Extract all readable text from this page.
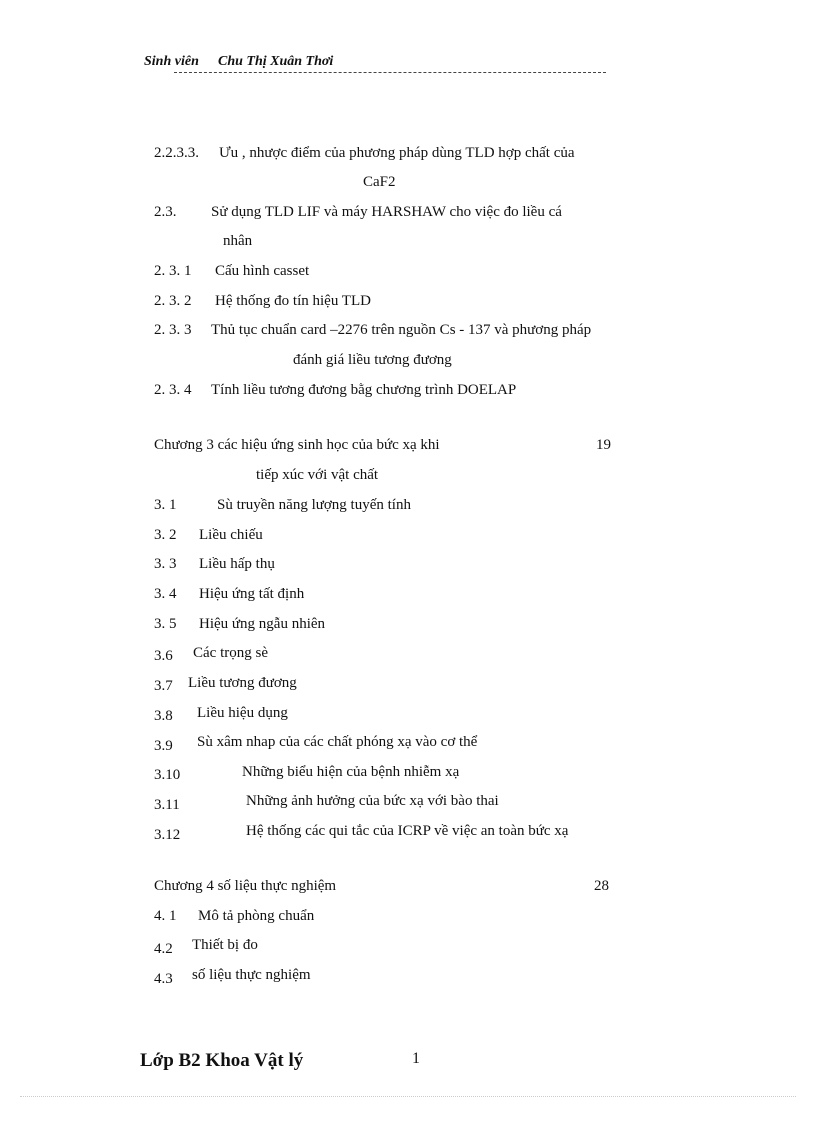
Sinh viên Chu Thị Xuân Thơi
2.2.3.3. Ưu , nhược điểm của phương pháp dùng TLD hợp chất của
CaF2
2.3. Sử dụng TLD LIF và máy HARSHAW cho việc đo liều cá
nhân
2. 3. 1 Cấu hình casset
2. 3. 2 Hệ thống đo tín hiệu TLD
2. 3. 3 Thủ tục chuẩn card –2276 trên nguồn Cs - 137 và phương pháp
đánh giá liều tương đương
2. 3. 4 Tính liều tương đương bằg chương trình DOELAP
Chương 3 các hiệu ứng sinh học của bức xạ khi	19
tiếp xúc với vật chất
3. 1	Sù truyền năng lượng tuyến tính
3. 2 Liều chiếu
3. 3 Liều hấp thụ
3. 4 Hiệu ứng tất định
3. 5 Hiệu ứng ngẫu nhiên
3.6 Các trọng sè
3.7 Liều tương đương
3.8 Liều hiệu dụng
3.9 Sù xâm nhap của các chất phóng xạ vào cơ thể
3.10	Những biểu hiện của bệnh nhiễm xạ
3.11	Những ảnh hưởng của bức xạ với bào thai
3.12	Hệ thống các qui tắc của ICRP về việc an toàn bức xạ
Chương 4 số liệu thực nghiệm	28
4. 1 Mô tả phòng chuẩn
4.2 Thiết bị đo
4.3 số liệu thực nghiệm
Lớp B2 Khoa Vật lý	1
